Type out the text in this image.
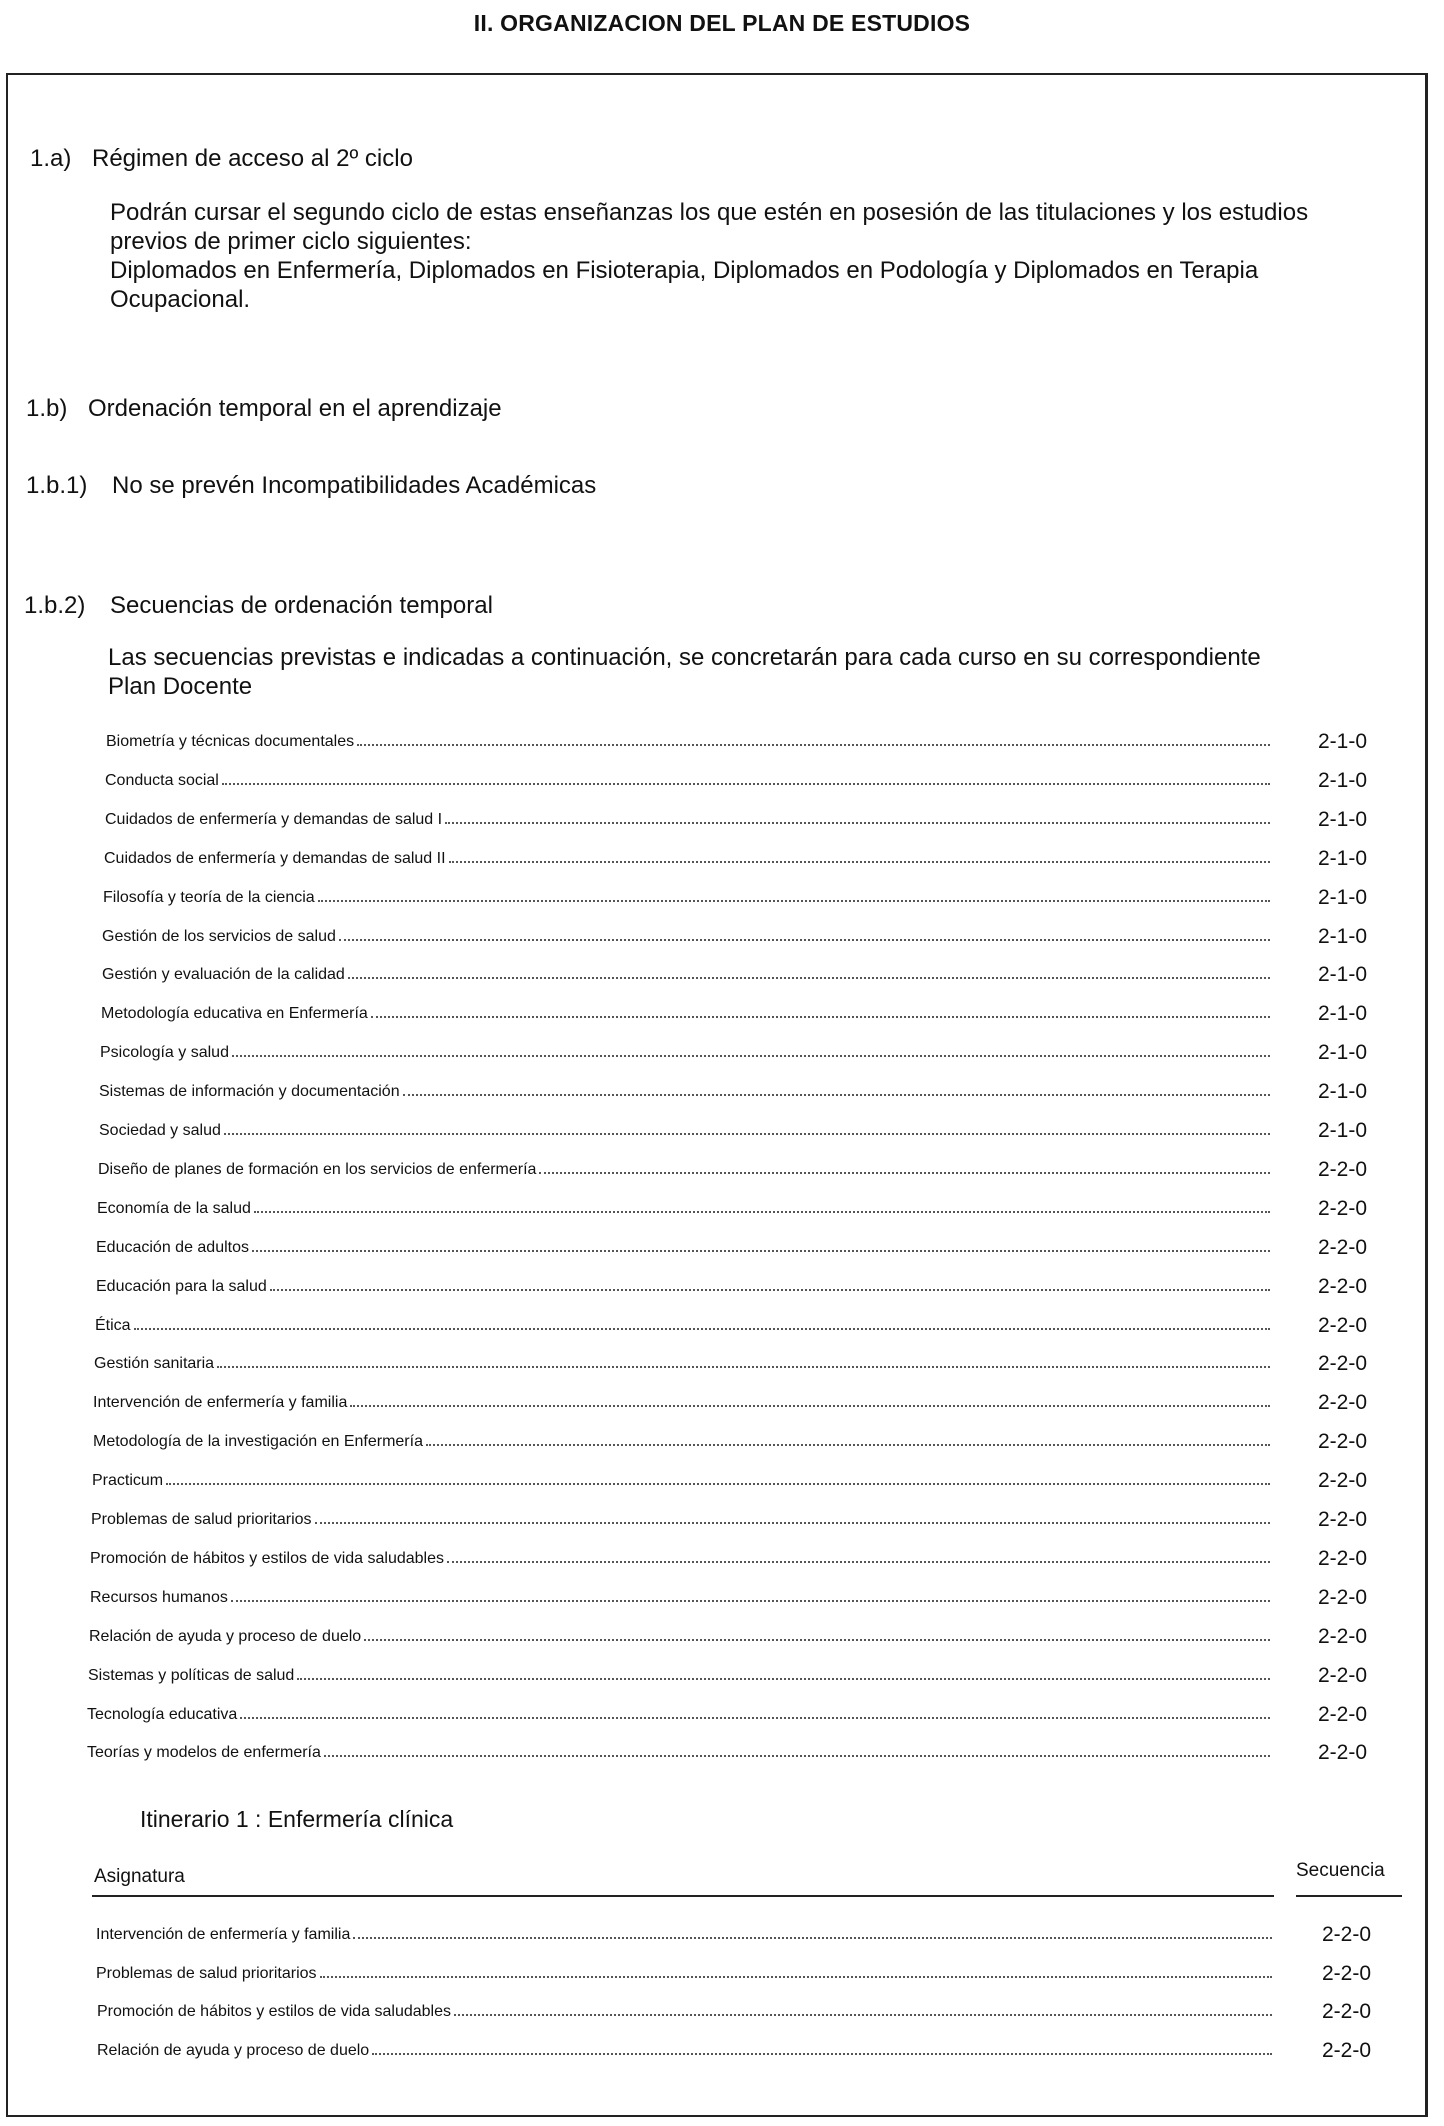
II. ORGANIZACION DEL PLAN DE ESTUDIOS
1.a) Régimen de acceso al 2º ciclo
Podrán cursar el segundo ciclo de estas enseñanzas los que estén en posesión de las titulaciones y los estudios
previos de primer ciclo siguientes:
Diplomados en Enfermería, Diplomados en Fisioterapia, Diplomados en Podología y Diplomados en Terapia
Ocupacional.
1.b) Ordenación temporal en el aprendizaje
1.b.1) No se prevén Incompatibilidades Académicas
1.b.2) Secuencias de ordenación temporal
Las secuencias previstas e indicadas a continuación, se concretarán para cada curso en su correspondiente
Plan Docente
Biometría y técnicas documentales	2-1-0
Conducta social	2-1-0
Cuidados de enfermería y demandas de salud I	2-1-0
Cuidados de enfermería y demandas de salud II	2-1-0
Filosofía y teoría de la ciencia	2-1-0
Gestión de los servicios de salud	2-1-0
Gestión y evaluación de la calidad	2-1-0
Metodología educativa en Enfermería	2-1-0
Psicología y salud	2-1-0
Sistemas de información y documentación	2-1-0
Sociedad y salud	2-1-0
Diseño de planes de formación en los servicios de enfermería	2-2-0
Economía de la salud	2-2-0
Educación de adultos	2-2-0
Educación para la salud	2-2-0
Ética	2-2-0
Gestión sanitaria	2-2-0
Intervención de enfermería y familia	2-2-0
Metodología de la investigación en Enfermería	2-2-0
Practicum	2-2-0
Problemas de salud prioritarios	2-2-0
Promoción de hábitos y estilos de vida saludables	2-2-0
Recursos humanos	2-2-0
Relación de ayuda y proceso de duelo	2-2-0
Sistemas y políticas de salud	2-2-0
Tecnología educativa	2-2-0
Teorías y modelos de enfermería	2-2-0
Itinerario 1 : Enfermería clínica
Asignatura	Secuencia
Intervención de enfermería y familia	2-2-0
Problemas de salud prioritarios	2-2-0
Promoción de hábitos y estilos de vida saludables	2-2-0
Relación de ayuda y proceso de duelo	2-2-0
